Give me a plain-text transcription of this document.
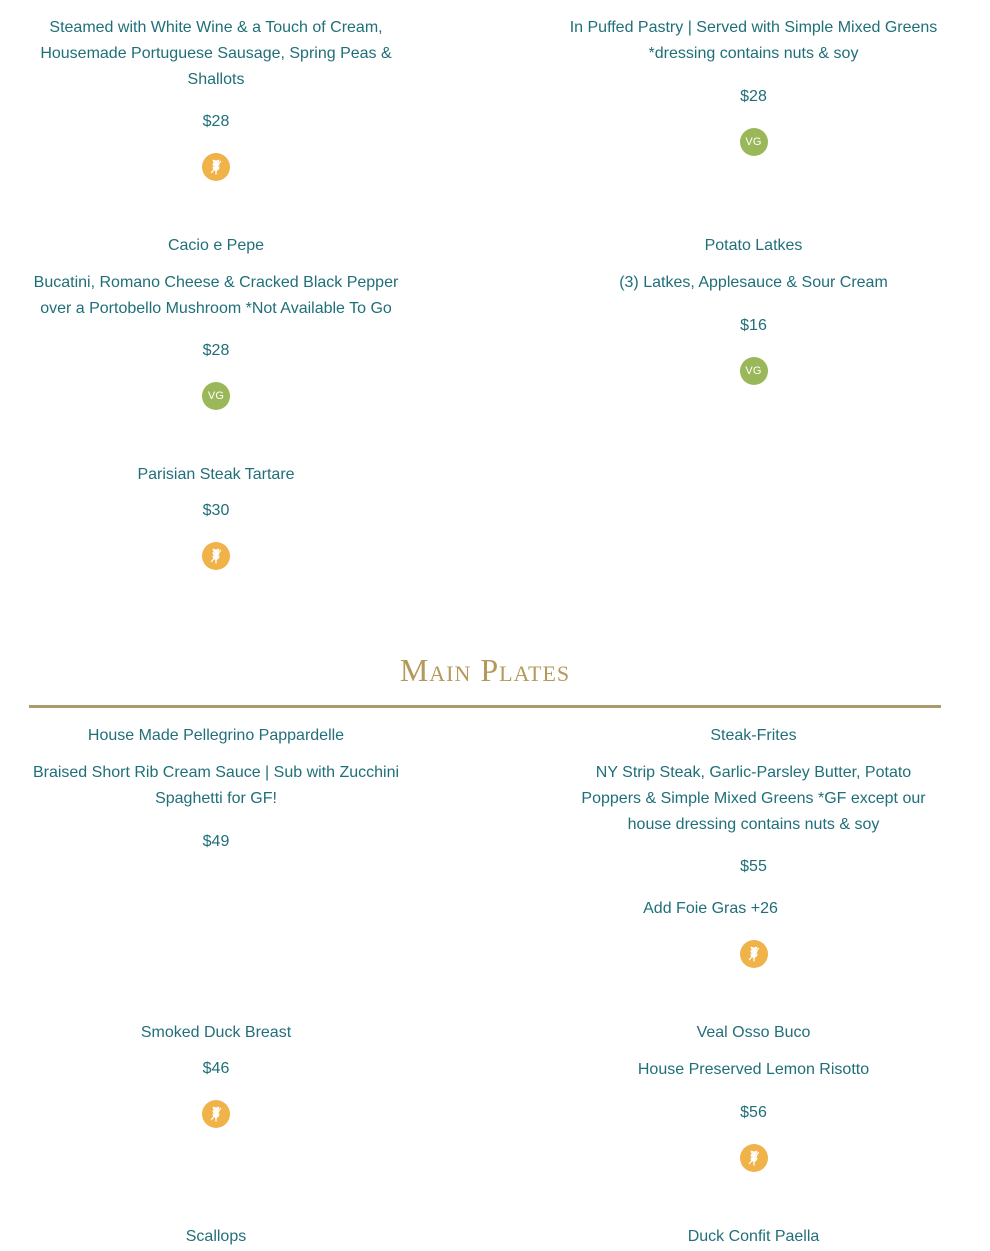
Steamed with White Wine & a Touch of Cream, Housemade Portuguese Sausage, Spring Peas & Shallots
$28
In Puffed Pastry | Served with Simple Mixed Greens *dressing contains nuts & soy
$28
VG
Cacio e Pepe
Bucatini, Romano Cheese & Cracked Black Pepper over a Portobello Mushroom *Not Available To Go
$28
VG
Potato Latkes
(3) Latkes, Applesauce & Sour Cream
$16
VG
Parisian Steak Tartare
$30
Main Plates
House Made Pellegrino Pappardelle
Braised Short Rib Cream Sauce | Sub with Zucchini Spaghetti for GF!
$49
Steak-Frites
NY Strip Steak, Garlic-Parsley Butter, Potato Poppers & Simple Mixed Greens *GF except our house dressing contains nuts & soy
$55
Add Foie Gras +26
Smoked Duck Breast
$46
Veal Osso Buco
House Preserved Lemon Risotto
$56
Scallops	Duck Confit Paella
